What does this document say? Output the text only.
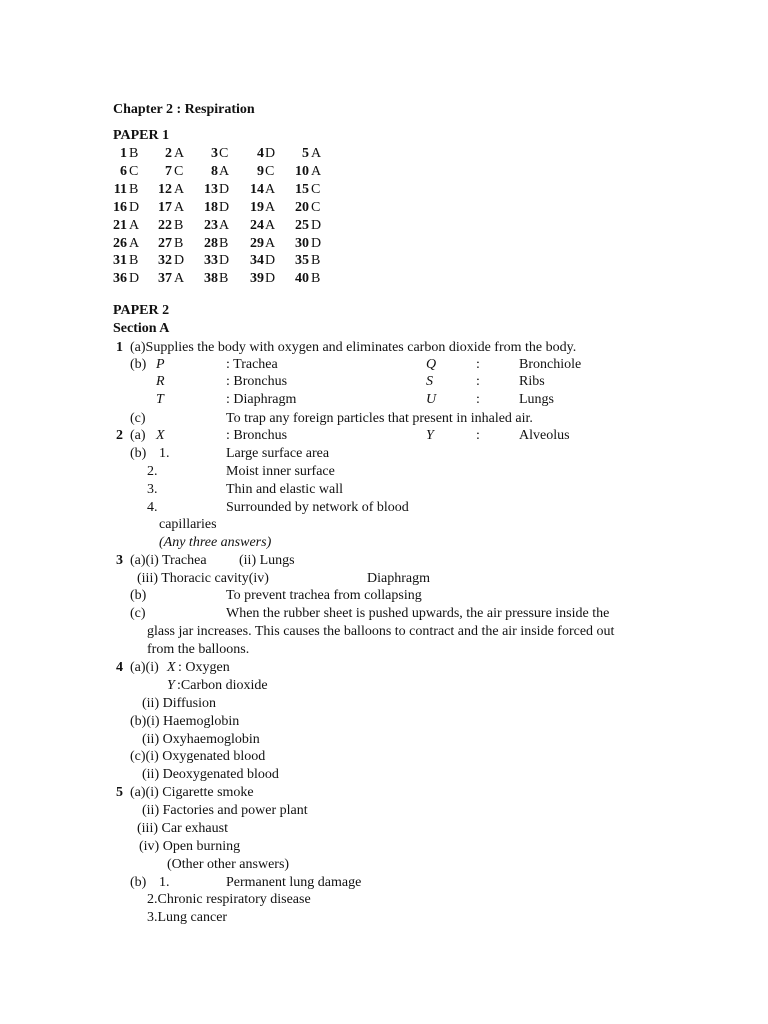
Chapter 2 : Respiration
PAPER 1
1 B 2 A 3 C 4 D 5 A
6 C 7 C 8 A 9 C 10 A
11 B 12 A 13 D 14 A 15 C
16 D 17 A 18 D 19 A 20 C
21 A 22 B 23 A 24 A 25 D
26 A 27 B 28 B 29 A 30 D
31 B 32 D 33 D 34 D 35 B
36 D 37 A 38 B 39 D 40 B
PAPER 2
Section A
1 (a)Supplies the body with oxygen and eliminates carbon dioxide from the body.
(b) P	: Trachea	Q	:	Bronchiole
R	: Bronchus	S	:	Ribs
T	: Diaphragm	U	:	Lungs
(c)	To trap any foreign particles that present in inhaled air.
2 (a) X	: Bronchus	Y	:	Alveolus
(b) 1.	Large surface area
2.	Moist inner surface
3.	Thin and elastic wall
4.	Surrounded by network of blood
capillaries
(Any three answers)
3 (a)(i) Trachea (ii) Lungs
(iii) Thoracic cavity(iv)	Diaphragm
(b)	To prevent trachea from collapsing
(c)	When the rubber sheet is pushed upwards, the air pressure inside the
glass jar increases. This causes the balloons to contract and the air inside forced out
from the balloons.
4 (a)(i) X : Oxygen
Y :Carbon dioxide
(ii) Diffusion
(b)(i) Haemoglobin
(ii) Oxyhaemoglobin
(c)(i) Oxygenated blood
(ii) Deoxygenated blood
5 (a)(i) Cigarette smoke
(ii) Factories and power plant
(iii) Car exhaust
(iv) Open burning
(Other other answers)
(b) 1.	Permanent lung damage
2.Chronic respiratory disease
3.Lung cancer
